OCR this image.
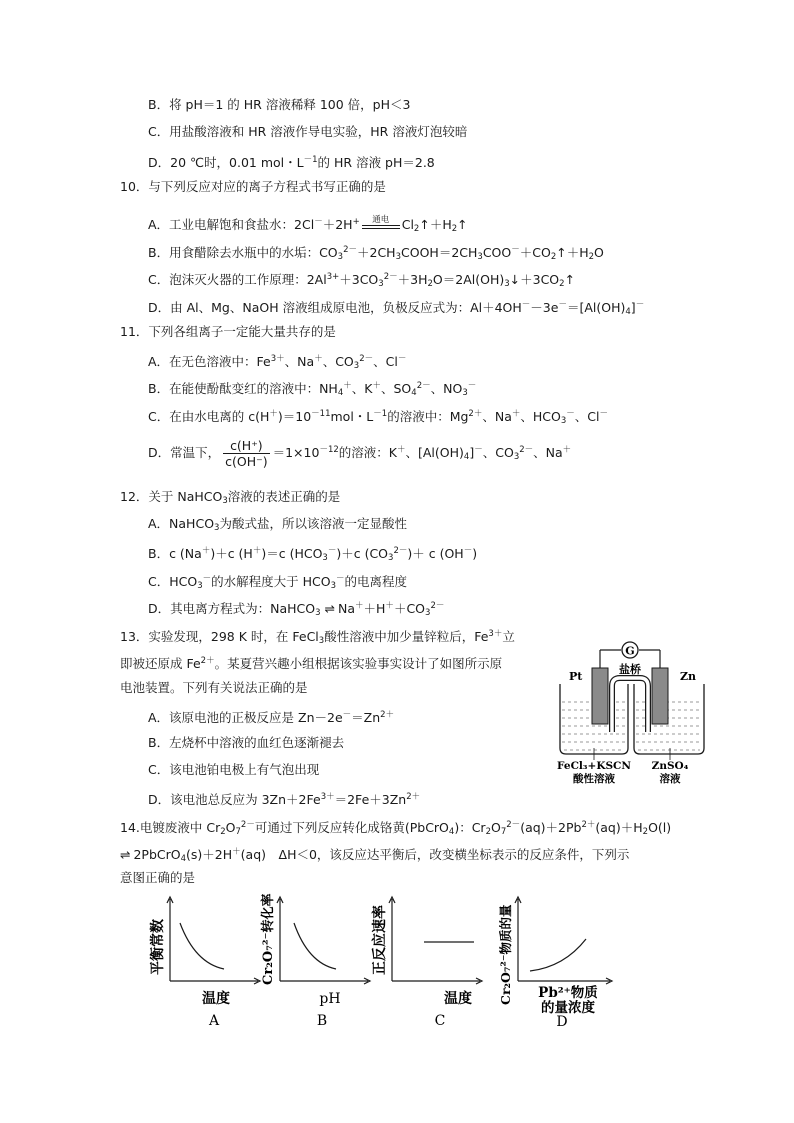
B．将 pH＝1 的 HR 溶液稀释 100 倍，pH＜3
C．用盐酸溶液和 HR 溶液作导电实验，HR 溶液灯泡较暗
D．20 ℃时，0.01 mol・$L^{-1}$的 HR 溶液 pH＝2.8
10．与下列反应对应的离子方程式书写正确的是
A．工业电解饱和食盐水：2Cl－＋2H+	通电	$Cl_2↑+H_2↑$
B．用食醋除去水瓶中的水垢：$CO_3^{2-}+2CH_3COOH=2CH_3COO^-+CO_2↑+H_2O$
C．泡沫灭火器的工作原理：$2Al^{3+}+3CO_3^{2-}+3H_2O=2Al(OH)_3↓+3CO_2↑$
D．由 Al、Mg、NaOH 溶液组成原电池，负极反应式为：$Al+4OH^--3e^-=[Al(OH)_4]^-$
11．下列各组离子一定能大量共存的是
A．在无色溶液中：$Fe^{3+}$、Na＋、$CO_3^{2-}$、Cl－
B．在能使酚酞变红的溶液中：$NH_4^+$、K＋、$SO_4^{2-}$、$NO_3^-$
C．在由水电离的 $c(H^+)=10^{-11}mol$・$L^{-1}$的溶液中：$Mg^{2+}$、Na＋、$HCO_3^-$、Cl－
D．常温下， $\frac{c(H^+)}{c(OH^-)} =1\times 10^{-12}$的溶液：K＋、$[Al(OH)_4]^-$、$CO_3^{2-}$、Na＋
12．关于 NaHCO$_3$溶液的表述正确的是
A．NaHCO$_3$为酸式盐，所以该溶液一定显酸性
B．c (Na＋)＋c (H＋)＝c $(HCO_3^-)+c$ $(CO_3^{2-})+ c$ (OH－)
C．$HCO_3^-$的水解程度大于 $HCO_3^-$的电离程度
D．其电离方程式为：NaHCO$_3$ ⇌ $Na^++H^++CO_3^{2-}$
13．实验发现，298 K 时，在 FeCl$_3$酸性溶液中加少量锌粒后，$Fe^{3+}$立
即被还原成 $Fe^{2+}$。某夏营兴趣小组根据该实验事实设计了如图所示原
电池装置。下列有关说法正确的是
A．该原电池的正极反应是 $Zn-2e^-=Zn^{2+}$
B．左烧杯中溶液的血红色逐渐褪去
C．该电池铂电极上有气泡出现
D．该电池总反应为 $3Zn+2Fe^{3+}=2Fe+3Zn^{2+}$
G
盐桥
Pt	Zn
FeCl₃+KSCN
酸性溶液
ZnSO₄
溶液
14.电镀废液中 $Cr_2O_7^{2-}$可通过下列反应转化成铬黄(PbCrO$_4$)：$Cr_2O_7^{2-}(aq)+2Pb^{2+}(aq)+H_2O(l)$
⇌ 2PbCrO$_4$(s)＋2H＋(aq)　ΔH＜0，该反应达平衡后，改变横坐标表示的反应条件，下列示
意图正确的是
平衡常数
温度
A
Cr₂O₇²⁻转化率
pH
B
正反应速率
温度
C
Cr₂O₇²⁻物质的量 Pb²⁺物质
的量浓度
D
